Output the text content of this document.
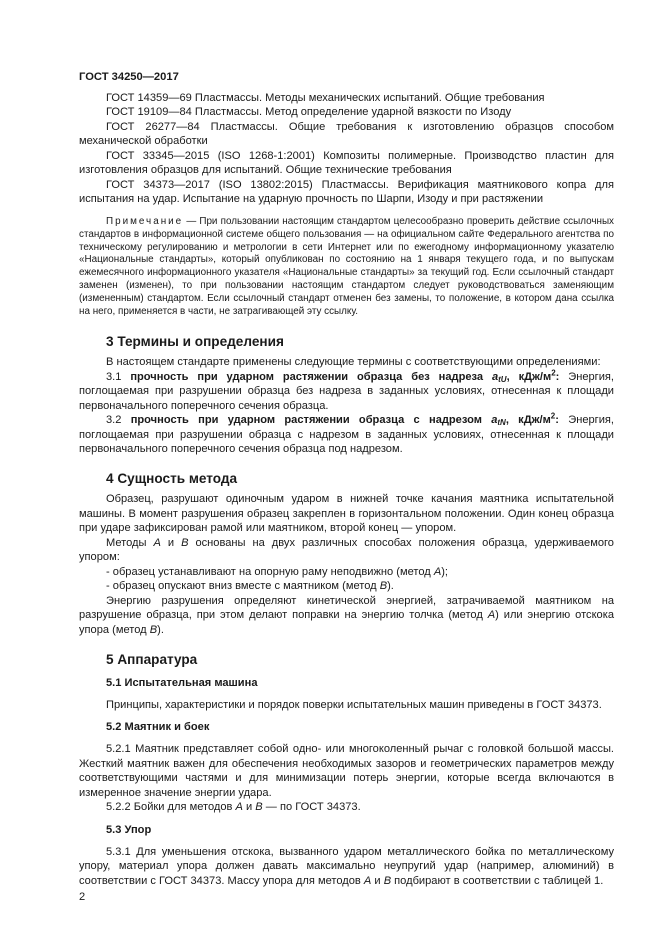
ГОСТ 34250—2017

ГОСТ 14359—69 Пластмассы. Методы механических испытаний. Общие требования

ГОСТ 19109—84 Пластмассы. Метод определение ударной вязкости по Изоду

ГОСТ 26277—84 Пластмассы. Общие требования к изготовлению образцов способом механической обработки

ГОСТ 33345—2015 (ISO 1268-1:2001) Композиты полимерные. Производство пластин для изготовления образцов для испытаний. Общие технические требования

ГОСТ 34373—2017 (ISO 13802:2015) Пластмассы. Верификация маятникового копра для испытания на удар. Испытание на ударную прочность по Шарпи, Изоду и при растяжении

Примечание — При пользовании настоящим стандартом целесообразно проверить действие ссылочных стандартов в информационной системе общего пользования — на официальном сайте Федерального агентства по техническому регулированию и метрологии в сети Интернет или по ежегодному информационному указателю «Национальные стандарты», который опубликован по состоянию на 1 января текущего года, и по выпускам ежемесячного информационного указателя «Национальные стандарты» за текущий год. Если ссылочный стандарт заменен (изменен), то при пользовании настоящим стандартом следует руководствоваться заменяющим (измененным) стандартом. Если ссылочный стандарт отменен без замены, то положение, в котором дана ссылка на него, применяется в части, не затрагивающей эту ссылку.

3 Термины и определения

В настоящем стандарте применены следующие термины с соответствующими определениями:

3.1 прочность при ударном растяжении образца без надреза $a_{tU}$, кДж/$м^2$: Энергия, поглощаемая при разрушении образца без надреза в заданных условиях, отнесенная к площади первоначального поперечного сечения образца.

3.2 прочность при ударном растяжении образца с надрезом $a_{tN}$, кДж/$м^2$: Энергия, поглощаемая при разрушении образца с надрезом в заданных условиях, отнесенная к площади первоначального поперечного сечения образца под надрезом.

4 Сущность метода

Образец, разрушают одиночным ударом в нижней точке качания маятника испытательной машины. В момент разрушения образец закреплен в горизонтальном положении. Один конец образца при ударе зафиксирован рамой или маятником, второй конец — упором.

Методы A и B основаны на двух различных способах положения образца, удерживаемого упором:

- образец устанавливают на опорную раму неподвижно (метод A);

- образец опускают вниз вместе с маятником (метод B).

Энергию разрушения определяют кинетической энергией, затрачиваемой маятником на разрушение образца, при этом делают поправки на энергию толчка (метод A) или энергию отскока упора (метод B).

5 Аппаратура
5.1 Испытательная машина

Принципы, характеристики и порядок поверки испытательных машин приведены в ГОСТ 34373.

5.2 Маятник и боек

5.2.1 Маятник представляет собой одно- или многоколенный рычаг с головкой большой массы. Жесткий маятник важен для обеспечения необходимых зазоров и геометрических параметров между соответствующими частями и для минимизации потерь энергии, которые всегда включаются в измеренное значение энергии удара.

5.2.2 Бойки для методов A и B — по ГОСТ 34373.

5.3 Упор

5.3.1 Для уменьшения отскока, вызванного ударом металлического бойка по металлическому упору, материал упора должен давать максимально неупругий удар (например, алюминий) в соответствии с ГОСТ 34373. Массу упора для методов A и B подбирают в соответствии с таблицей 1.

2
